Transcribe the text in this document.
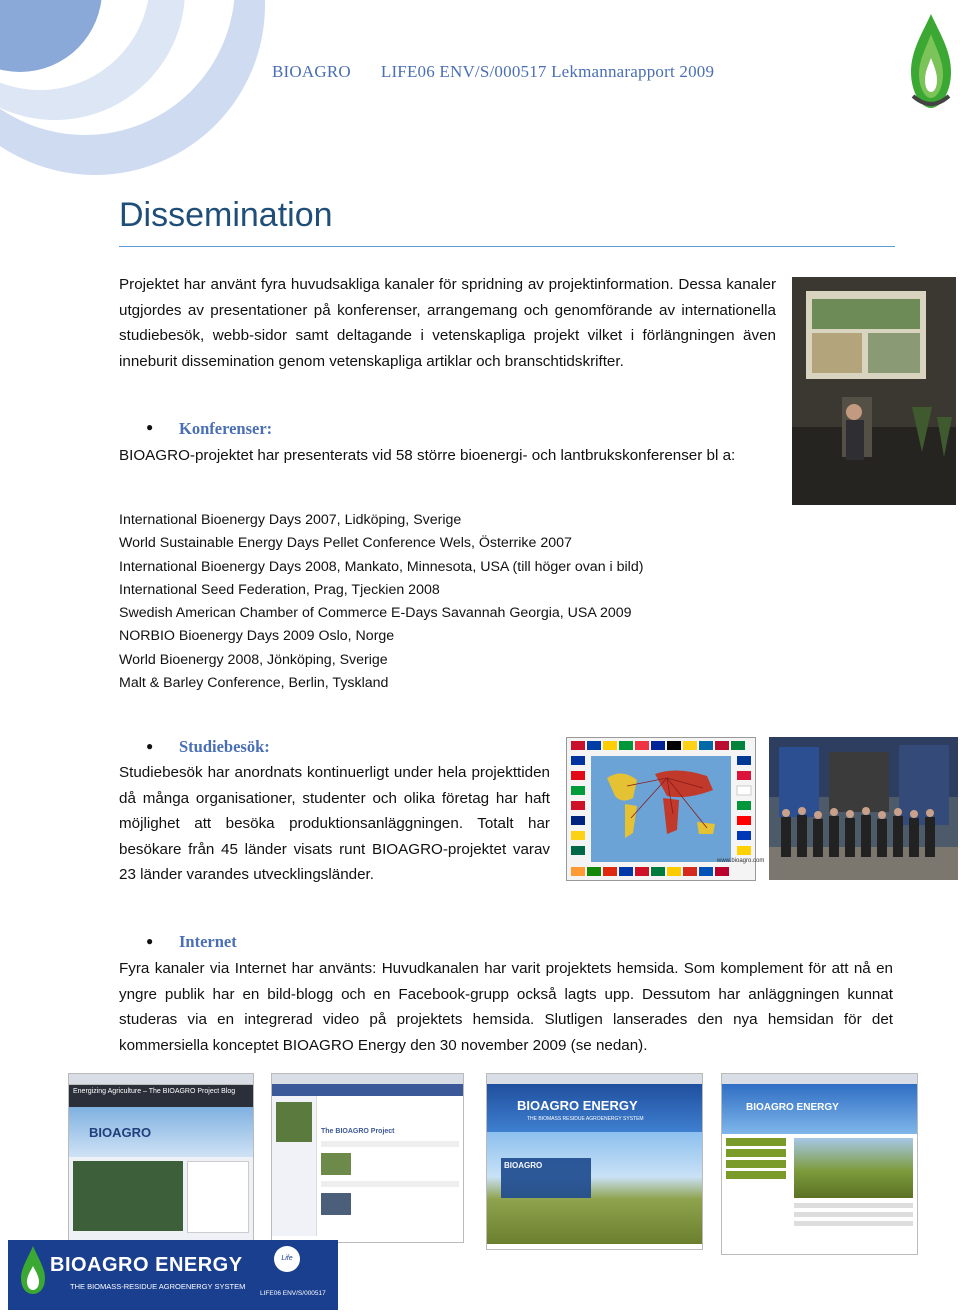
BIOAGRO LIFE06 ENV/S/000517 Lekmannarapport 2009
Dissemination
Projektet har använt fyra huvudsakliga kanaler för spridning av projektinformation. Dessa kanaler utgjordes av presentationer på konferenser, arrangemang och genomförande av internationella studiebesök, webb-sidor samt deltagande i vetenskapliga projekt vilket i förlängningen även inneburit dissemination genom vetenskapliga artiklar och branschtidskrifter.
● Konferenser:
BIOAGRO-projektet har presenterats vid 58 större bioenergi- och lantbrukskonferenser bl a:
International Bioenergy Days 2007, Lidköping, Sverige
World Sustainable Energy Days Pellet Conference Wels, Österrike 2007
International Bioenergy Days 2008, Mankato, Minnesota, USA (till höger ovan i bild)
International Seed Federation, Prag, Tjeckien 2008
Swedish American Chamber of Commerce E-Days Savannah Georgia, USA 2009
NORBIO Bioenergy Days 2009 Oslo, Norge
World Bioenergy 2008, Jönköping, Sverige
Malt & Barley Conference, Berlin, Tyskland
● Studiebesök:
Studiebesök har anordnats kontinuerligt under hela projekttiden då många organisationer, studenter och olika företag har haft möjlighet att besöka produktionsanläggningen. Totalt har besökare från 45 länder visats runt BIOAGRO-projektet varav 23 länder varandes utvecklingsländer.
www.bioagro.com
● Internet
Fyra kanaler via Internet har använts: Huvudkanalen har varit projektets hemsida. Som komplement för att nå en yngre publik har en bild-blogg och en Facebook-grupp också lagts upp. Dessutom har anläggningen kunnat studeras via en integrerad video på projektets hemsida. Slutligen lanserades den nya hemsidan för det kommersiella konceptet BIOAGRO Energy den 30 november 2009 (se nedan).
Energizing Agriculture – The BIOAGRO Project Blog
BIOAGRO	The BIOAGRO Project
BIOAGRO ENERGY
THE BIOMASS RESIDUE AGROENERGY SYSTEM
BIOAGRO
BIOAGRO ENERGY
BIOAGRO ENERGY
THE BIOMASS-RESIDUE AGROENERGY SYSTEM
Life
LIFE06 ENV/S/000517
